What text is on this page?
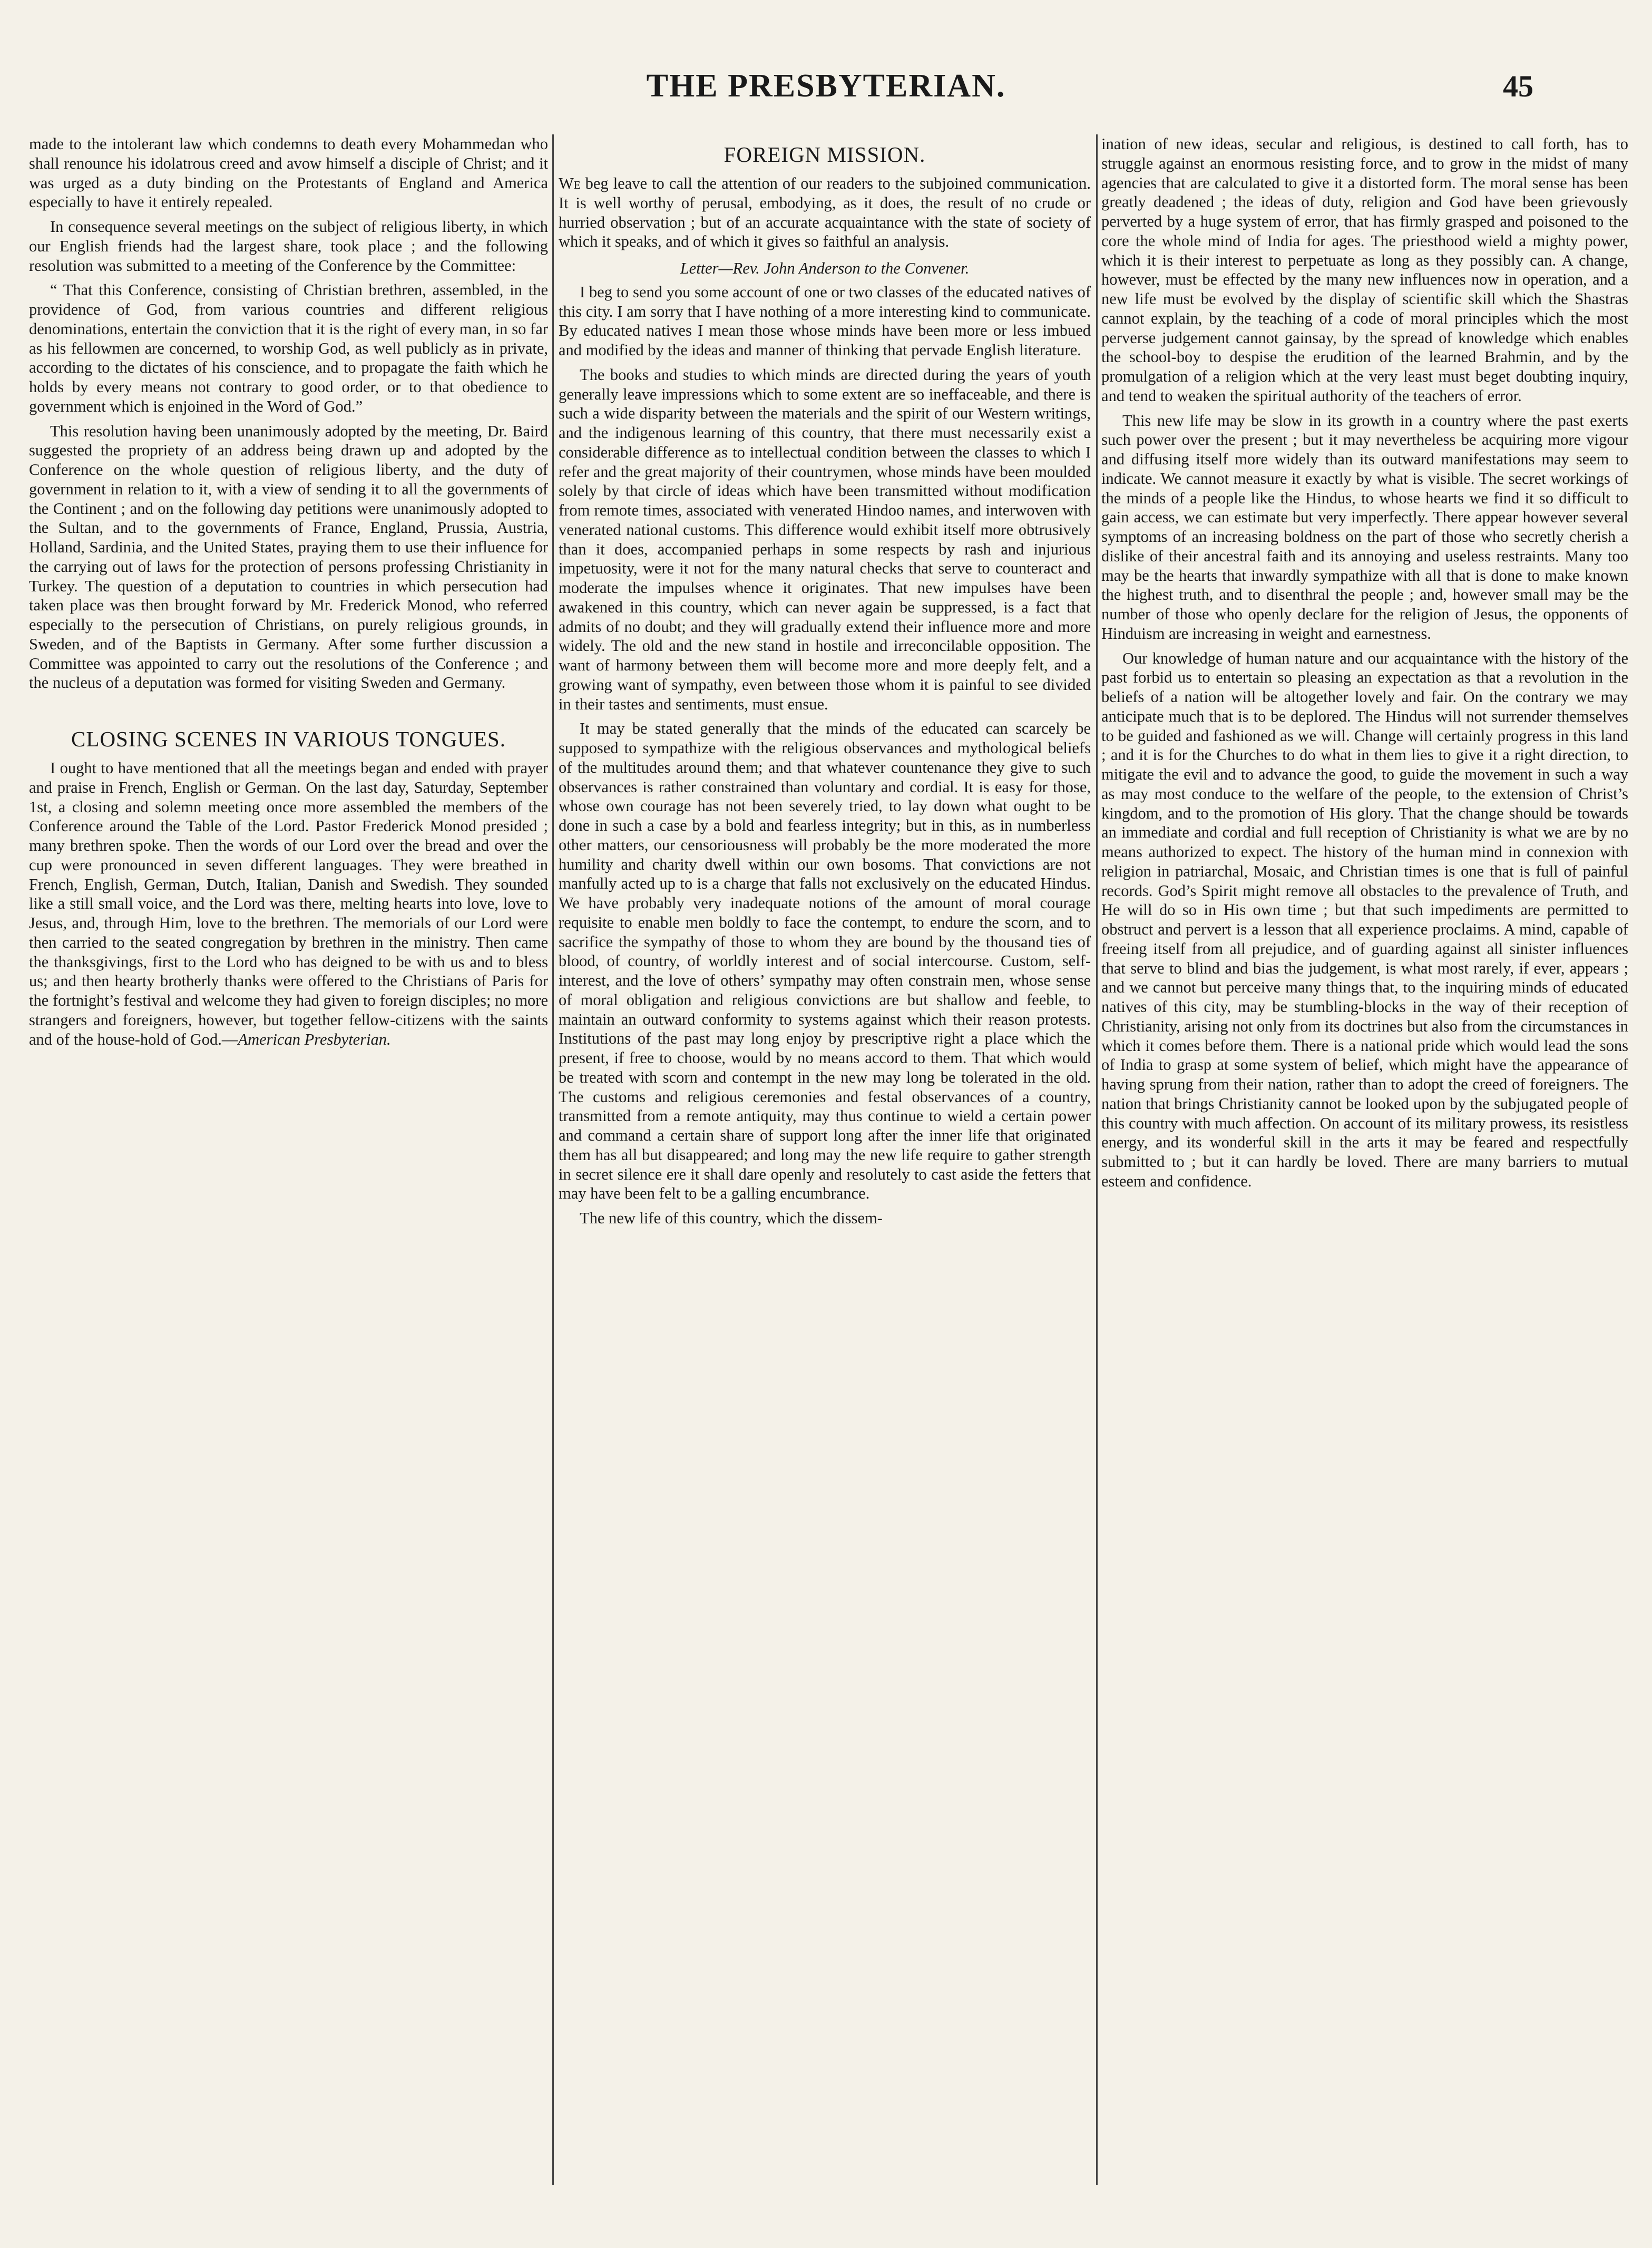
THE PRESBYTERIAN.	45

made to the intolerant law which condemns to death every Mohammedan who shall renounce his idolatrous creed and avow himself a disciple of Christ; and it was urged as a duty binding on the Protestants of England and America especially to have it entirely repealed.

In consequence several meetings on the subject of religious liberty, in which our English friends had the largest share, took place ; and the following resolution was submitted to a meeting of the Conference by the Committee:

“ That this Conference, consisting of Christian brethren, assembled, in the providence of God, from various countries and different religious denominations, entertain the conviction that it is the right of every man, in so far as his fellowmen are concerned, to worship God, as well publicly as in private, according to the dictates of his conscience, and to propagate the faith which he holds by every means not contrary to good order, or to that obedience to government which is enjoined in the Word of God.”

This resolution having been unanimously adopted by the meeting, Dr. Baird suggested the propriety of an address being drawn up and adopted by the Conference on the whole question of religious liberty, and the duty of government in relation to it, with a view of sending it to all the governments of the Continent ; and on the following day petitions were unanimously adopted to the Sultan, and to the governments of France, England, Prussia, Austria, Holland, Sardinia, and the United States, praying them to use their influence for the carrying out of laws for the protection of persons professing Christianity in Turkey. The question of a deputation to countries in which persecution had taken place was then brought forward by Mr. Frederick Monod, who referred especially to the persecution of Christians, on purely religious grounds, in Sweden, and of the Baptists in Germany. After some further discussion a Committee was appointed to carry out the resolutions of the Conference ; and the nucleus of a deputation was formed for visiting Sweden and Germany.

CLOSING SCENES IN VARIOUS TONGUES.

I ought to have mentioned that all the meetings began and ended with prayer and praise in French, English or German. On the last day, Saturday, September 1st, a closing and solemn meeting once more assembled the members of the Conference around the Table of the Lord. Pastor Frederick Monod presided ; many brethren spoke. Then the words of our Lord over the bread and over the cup were pronounced in seven different languages. They were breathed in French, English, German, Dutch, Italian, Danish and Swedish. They sounded like a still small voice, and the Lord was there, melting hearts into love, love to Jesus, and, through Him, love to the brethren. The memorials of our Lord were then carried to the seated congregation by brethren in the ministry. Then came the thanksgivings, first to the Lord who has deigned to be with us and to bless us; and then hearty brotherly thanks were offered to the Christians of Paris for the fortnight’s festival and welcome they had given to foreign disciples; no more strangers and foreigners, however, but together fellow-citizens with the saints and of the house-hold of God.—American Presbyterian.

FOREIGN MISSION.

We beg leave to call the attention of our readers to the subjoined communication. It is well worthy of perusal, embodying, as it does, the result of no crude or hurried observation ; but of an accurate acquaintance with the state of society of which it speaks, and of which it gives so faithful an analysis.

Letter—Rev. John Anderson to the Convener.

I beg to send you some account of one or two classes of the educated natives of this city. I am sorry that I have nothing of a more interesting kind to communicate. By educated natives I mean those whose minds have been more or less imbued and modified by the ideas and manner of thinking that pervade English literature.

The books and studies to which minds are directed during the years of youth generally leave impressions which to some extent are so ineffaceable, and there is such a wide disparity between the materials and the spirit of our Western writings, and the indigenous learning of this country, that there must necessarily exist a considerable difference as to intellectual condition between the classes to which I refer and the great majority of their countrymen, whose minds have been moulded solely by that circle of ideas which have been transmitted without modification from remote times, associated with venerated Hindoo names, and interwoven with venerated national customs. This difference would exhibit itself more obtrusively than it does, accompanied perhaps in some respects by rash and injurious impetuosity, were it not for the many natural checks that serve to counteract and moderate the impulses whence it originates. That new impulses have been awakened in this country, which can never again be suppressed, is a fact that admits of no doubt; and they will gradually extend their influence more and more widely. The old and the new stand in hostile and irreconcilable opposition. The want of harmony between them will become more and more deeply felt, and a growing want of sympathy, even between those whom it is painful to see divided in their tastes and sentiments, must ensue.

It may be stated generally that the minds of the educated can scarcely be supposed to sympathize with the religious observances and mythological beliefs of the multitudes around them; and that whatever countenance they give to such observances is rather constrained than voluntary and cordial. It is easy for those, whose own courage has not been severely tried, to lay down what ought to be done in such a case by a bold and fearless integrity; but in this, as in numberless other matters, our censoriousness will probably be the more moderated the more humility and charity dwell within our own bosoms. That convictions are not manfully acted up to is a charge that falls not exclusively on the educated Hindus. We have probably very inadequate notions of the amount of moral courage requisite to enable men boldly to face the contempt, to endure the scorn, and to sacrifice the sympathy of those to whom they are bound by the thousand ties of blood, of country, of worldly interest and of social intercourse. Custom, self-interest, and the love of others’ sympathy may often constrain men, whose sense of moral obligation and religious convictions are but shallow and feeble, to maintain an outward conformity to systems against which their reason protests. Institutions of the past may long enjoy by prescriptive right a place which the present, if free to choose, would by no means accord to them. That which would be treated with scorn and contempt in the new may long be tolerated in the old. The customs and religious ceremonies and festal observances of a country, transmitted from a remote antiquity, may thus continue to wield a certain power and command a certain share of support long after the inner life that originated them has all but disappeared; and long may the new life require to gather strength in secret silence ere it shall dare openly and resolutely to cast aside the fetters that may have been felt to be a galling encumbrance.

The new life of this country, which the dissem-

ination of new ideas, secular and religious, is destined to call forth, has to struggle against an enormous resisting force, and to grow in the midst of many agencies that are calculated to give it a distorted form. The moral sense has been greatly deadened ; the ideas of duty, religion and God have been grievously perverted by a huge system of error, that has firmly grasped and poisoned to the core the whole mind of India for ages. The priesthood wield a mighty power, which it is their interest to perpetuate as long as they possibly can. A change, however, must be effected by the many new influences now in operation, and a new life must be evolved by the display of scientific skill which the Shastras cannot explain, by the teaching of a code of moral principles which the most perverse judgement cannot gainsay, by the spread of knowledge which enables the school-boy to despise the erudition of the learned Brahmin, and by the promulgation of a religion which at the very least must beget doubting inquiry, and tend to weaken the spiritual authority of the teachers of error.

This new life may be slow in its growth in a country where the past exerts such power over the present ; but it may nevertheless be acquiring more vigour and diffusing itself more widely than its outward manifestations may seem to indicate. We cannot measure it exactly by what is visible. The secret workings of the minds of a people like the Hindus, to whose hearts we find it so difficult to gain access, we can estimate but very imperfectly. There appear however several symptoms of an increasing boldness on the part of those who secretly cherish a dislike of their ancestral faith and its annoying and useless restraints. Many too may be the hearts that inwardly sympathize with all that is done to make known the highest truth, and to disenthral the people ; and, however small may be the number of those who openly declare for the religion of Jesus, the opponents of Hinduism are increasing in weight and earnestness.

Our knowledge of human nature and our acquaintance with the history of the past forbid us to entertain so pleasing an expectation as that a revolution in the beliefs of a nation will be altogether lovely and fair. On the contrary we may anticipate much that is to be deplored. The Hindus will not surrender themselves to be guided and fashioned as we will. Change will certainly progress in this land ; and it is for the Churches to do what in them lies to give it a right direction, to mitigate the evil and to advance the good, to guide the movement in such a way as may most conduce to the welfare of the people, to the extension of Christ’s kingdom, and to the promotion of His glory. That the change should be towards an immediate and cordial and full reception of Christianity is what we are by no means authorized to expect. The history of the human mind in connexion with religion in patriarchal, Mosaic, and Christian times is one that is full of painful records. God’s Spirit might remove all obstacles to the prevalence of Truth, and He will do so in His own time ; but that such impediments are permitted to obstruct and pervert is a lesson that all experience proclaims. A mind, capable of freeing itself from all prejudice, and of guarding against all sinister influences that serve to blind and bias the judgement, is what most rarely, if ever, appears ; and we cannot but perceive many things that, to the inquiring minds of educated natives of this city, may be stumbling-blocks in the way of their reception of Christianity, arising not only from its doctrines but also from the circumstances in which it comes before them. There is a national pride which would lead the sons of India to grasp at some system of belief, which might have the appearance of having sprung from their nation, rather than to adopt the creed of foreigners. The nation that brings Christianity cannot be looked upon by the subjugated people of this country with much affection. On account of its military prowess, its resistless energy, and its wonderful skill in the arts it may be feared and respectfully submitted to ; but it can hardly be loved. There are many barriers to mutual esteem and confidence.
